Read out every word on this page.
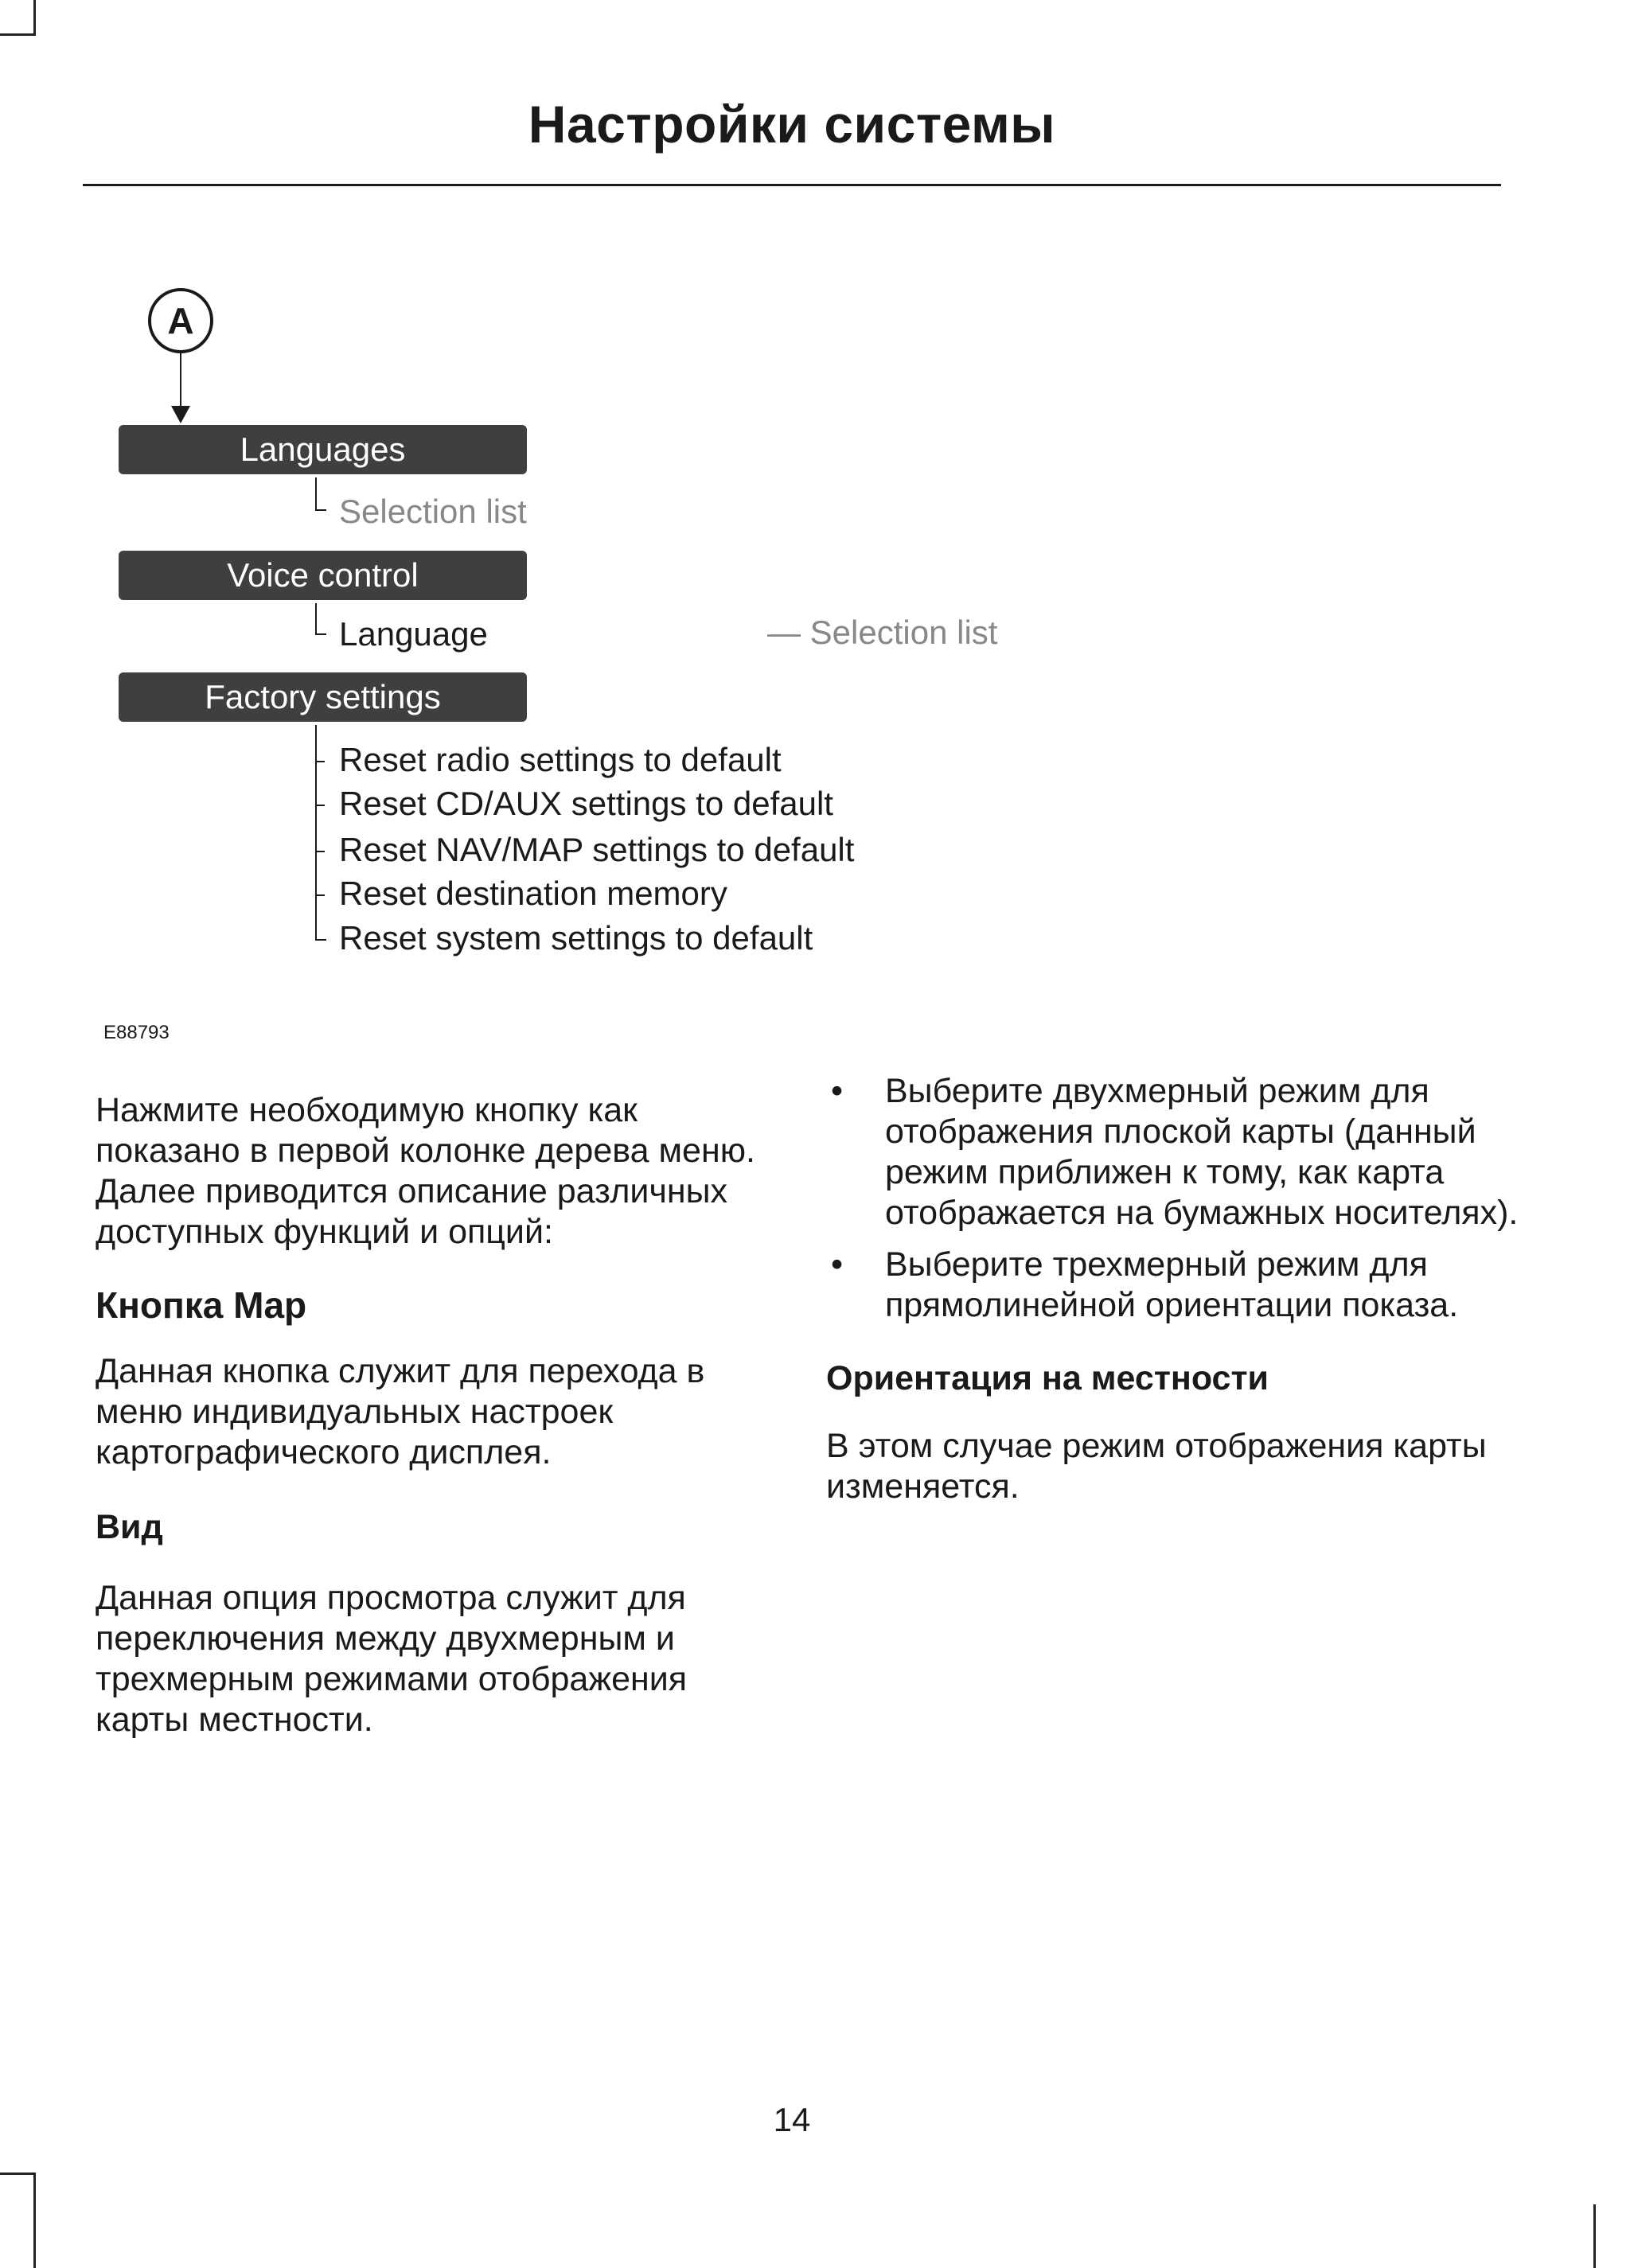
Настройки системы
A
Languages
Selection list
Voice control
Language	— Selection list
Factory settings
Reset radio settings to default
Reset CD/AUX settings to default
Reset NAV/MAP settings to default
Reset destination memory
Reset system settings to default
E88793

Нажмите необходимую кнопку как показано в первой колонке дерева меню. Далее приводится описание различных доступных функций и опций:

Кнопка Map

Данная кнопка служит для перехода в меню индивидуальных настроек картографического дисплея.

Вид

Данная опция просмотра служит для переключения между двухмерным и трехмерным режимами отображения карты местности.

• Выберите двухмерный режим для отображения плоской карты (данный режим приближен к тому, как карта отображается на бумажных носителях).
• Выберите трехмерный режим для прямолинейной ориентации показа.

Ориентация на местности

В этом случае режим отображения карты изменяется.

14
